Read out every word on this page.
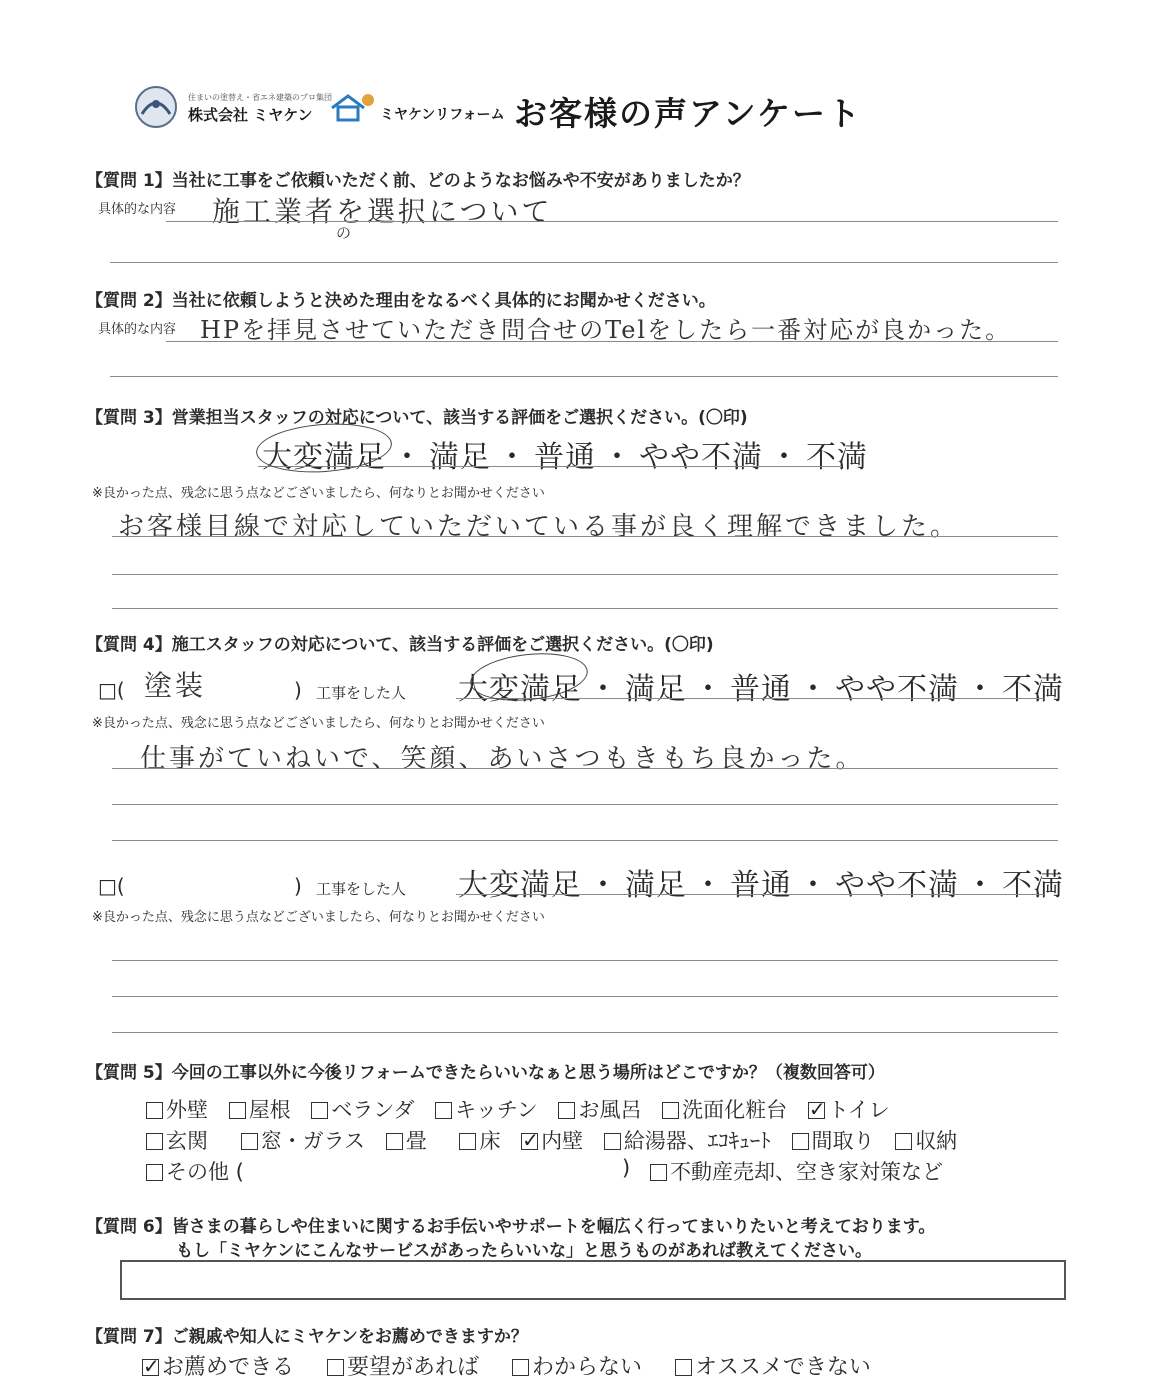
住まいの塗替え・省エネ建築のプロ集団
株式会社 ミヤケン	ミヤケンリフォーム お客様の声アンケート
【質問 1】当社に工事をご依頼いただく前、どのようなお悩みや不安がありましたか？
具体的な内容 施工業者を選択について
の
【質問 2】当社に依頼しようと決めた理由をなるべく具体的にお聞かせください。
具体的な内容 HPを拝見させていただき問合せのTelをしたら一番対応が良かった。
【質問 3】営業担当スタッフの対応について、該当する評価をご選択ください。(〇印)
大変満足 ・ 満足 ・ 普通 ・ やや不満 ・ 不満
※良かった点、残念に思う点などございましたら、何なりとお聞かせください
お客様目線で対応していただいている事が良く理解できました。
【質問 4】施工スタッフの対応について、該当する評価をご選択ください。(〇印)
□( 塗装	) 工事をした人 大変満足 ・ 満足 ・ 普通 ・ やや不満 ・ 不満
※良かった点、残念に思う点などございましたら、何なりとお聞かせください
仕事がていねいで、笑顔、あいさつもきもち良かった。
□(	) 工事をした人 大変満足 ・ 満足 ・ 普通 ・ やや不満 ・ 不満
※良かった点、残念に思う点などございましたら、何なりとお聞かせください
【質問 5】今回の工事以外に今後リフォームできたらいいなぁと思う場所はどこですか？（複数回答可）
外壁 屋根 ベランダ キッチン お風呂 洗面化粧台 ✓ トイレ
玄関	窓・ガラス 畳	床 ✓ 内壁 給湯器、ｴｺｷｭｰﾄ 間取り 収納
その他 (	)	不動産売却、空き家対策など
【質問 6】皆さまの暮らしや住まいに関するお手伝いやサポートを幅広く行ってまいりたいと考えております。
もし「ミヤケンにこんなサービスがあったらいいな」と思うものがあれば教えてください。
【質問 7】ご親戚や知人にミヤケンをお薦めできますか？
✓お薦めできる 要望があれば わからない オススメできない
